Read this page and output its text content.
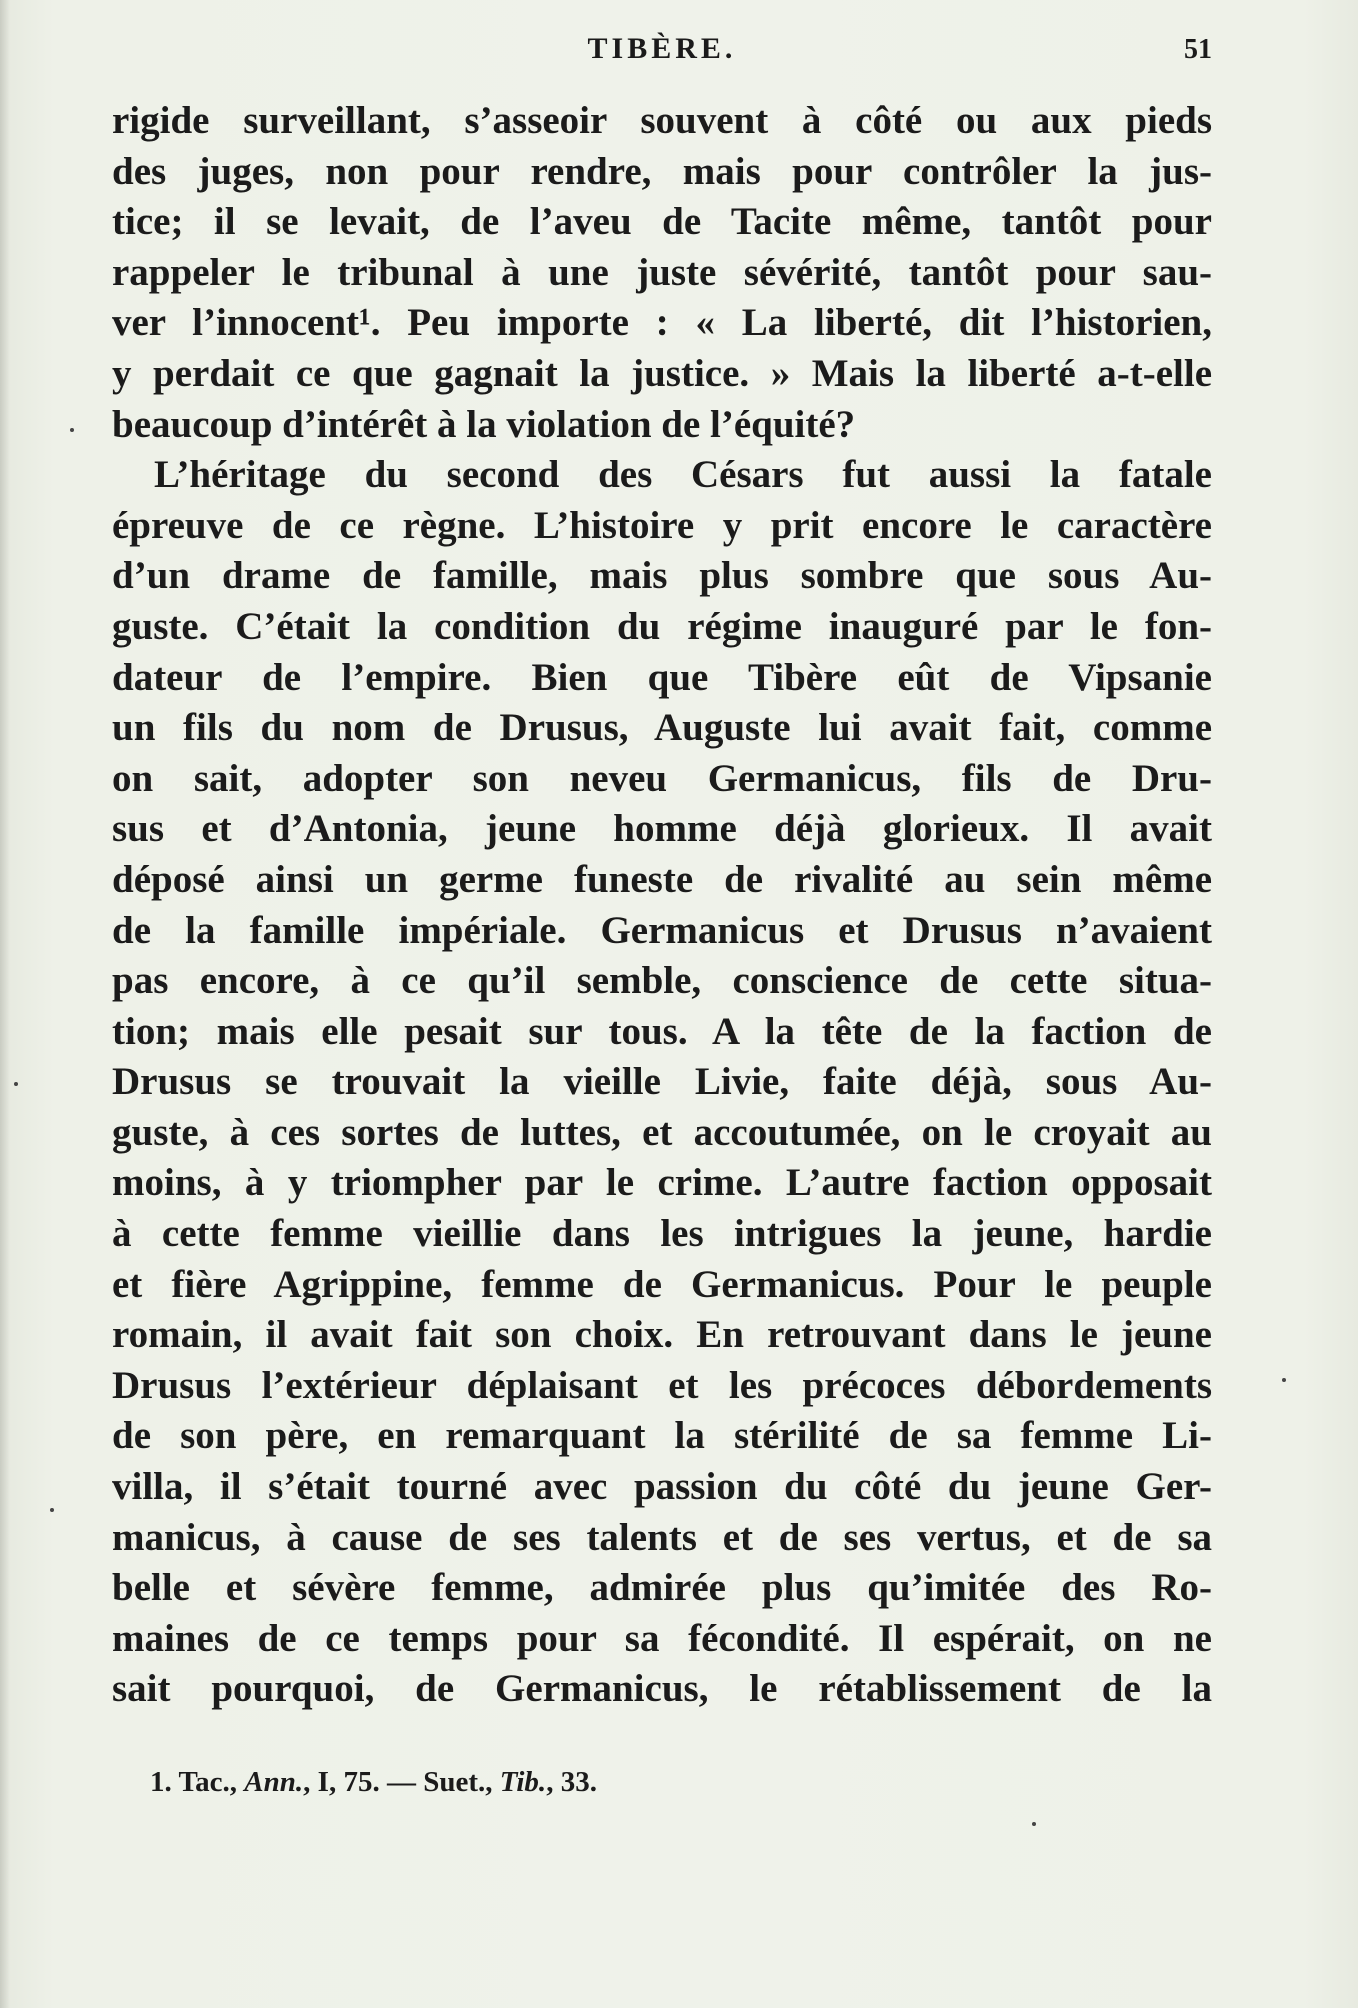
TIBÈRE.	51
rigide surveillant, s’asseoir souvent à côté ou aux pieds
des juges, non pour rendre, mais pour contrôler la jus-
tice; il se levait, de l’aveu de Tacite même, tantôt pour
rappeler le tribunal à une juste sévérité, tantôt pour sau-
ver l’innocent¹. Peu importe : « La liberté, dit l’historien,
y perdait ce que gagnait la justice. » Mais la liberté a-t-elle
beaucoup d’intérêt à la violation de l’équité?
L’héritage du second des Césars fut aussi la fatale
épreuve de ce règne. L’histoire y prit encore le caractère
d’un drame de famille, mais plus sombre que sous Au-
guste. C’était la condition du régime inauguré par le fon-
dateur de l’empire. Bien que Tibère eût de Vipsanie
un fils du nom de Drusus, Auguste lui avait fait, comme
on sait, adopter son neveu Germanicus, fils de Dru-
sus et d’Antonia, jeune homme déjà glorieux. Il avait
déposé ainsi un germe funeste de rivalité au sein même
de la famille impériale. Germanicus et Drusus n’avaient
pas encore, à ce qu’il semble, conscience de cette situa-
tion; mais elle pesait sur tous. A la tête de la faction de
Drusus se trouvait la vieille Livie, faite déjà, sous Au-
guste, à ces sortes de luttes, et accoutumée, on le croyait au
moins, à y triompher par le crime. L’autre faction opposait
à cette femme vieillie dans les intrigues la jeune, hardie
et fière Agrippine, femme de Germanicus. Pour le peuple
romain, il avait fait son choix. En retrouvant dans le jeune
Drusus l’extérieur déplaisant et les précoces débordements
de son père, en remarquant la stérilité de sa femme Li-
villa, il s’était tourné avec passion du côté du jeune Ger-
manicus, à cause de ses talents et de ses vertus, et de sa
belle et sévère femme, admirée plus qu’imitée des Ro-
maines de ce temps pour sa fécondité. Il espérait, on ne
sait pourquoi, de Germanicus, le rétablissement de la
1. Tac., Ann., I, 75. — Suet., Tib., 33.
